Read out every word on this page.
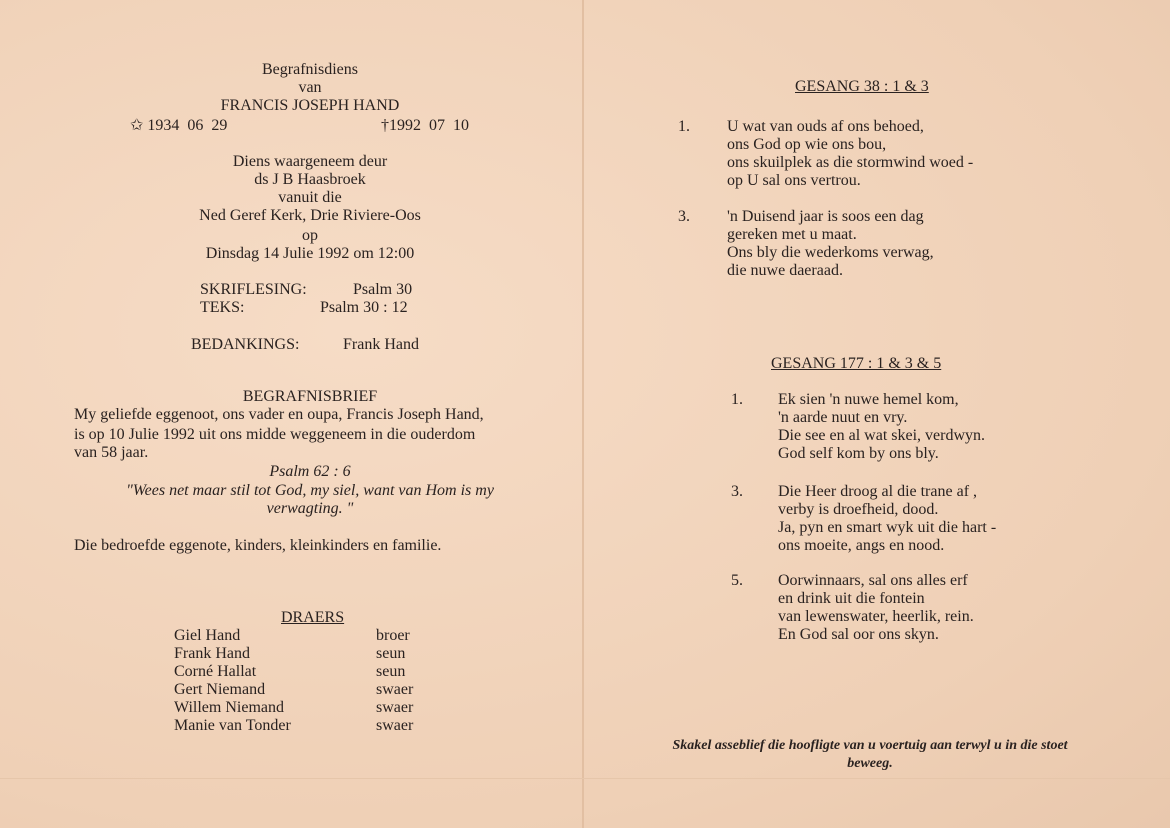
Begrafnisdiens
van
FRANCIS JOSEPH HAND
✩ 1934  06  29	†1992  07  10
Diens waargeneem deur
ds J B Haasbroek
vanuit die
Ned Geref Kerk, Drie Riviere-Oos
op
Dinsdag 14 Julie 1992 om 12:00
SKRIFLESING:	Psalm 30
TEKS:	Psalm 30 : 12
BEDANKINGS:	Frank Hand
BEGRAFNISBRIEF
My geliefde eggenoot, ons vader en oupa, Francis Joseph Hand,
is op 10 Julie 1992 uit ons midde weggeneem in die ouderdom
van 58 jaar.
Psalm 62 : 6
"Wees net maar stil tot God, my siel, want van Hom is my
verwagting. "
Die bedroefde eggenote, kinders, kleinkinders en familie.
DRAERS
Giel Hand	broer
Frank Hand	seun
Corné Hallat	seun
Gert Niemand	swaer
Willem Niemand	swaer
Manie van Tonder	swaer
GESANG 38 : 1 & 3
1. U wat van ouds af ons behoed,
ons God op wie ons bou,
ons skuilplek as die stormwind woed -
op U sal ons vertrou.
3. 'n Duisend jaar is soos een dag
gereken met u maat.
Ons bly die wederkoms verwag,
die nuwe daeraad.
GESANG 177 : 1 & 3 & 5
1. Ek sien 'n nuwe hemel kom,
'n aarde nuut en vry.
Die see en al wat skei, verdwyn.
God self kom by ons bly.
3. Die Heer droog al die trane af ,
verby is droefheid, dood.
Ja, pyn en smart wyk uit die hart -
ons moeite, angs en nood.
5. Oorwinnaars, sal ons alles erf
en drink uit die fontein
van lewenswater, heerlik, rein.
En God sal oor ons skyn.
Skakel asseblief die hoofligte van u voertuig aan terwyl u in die stoet
beweeg.
